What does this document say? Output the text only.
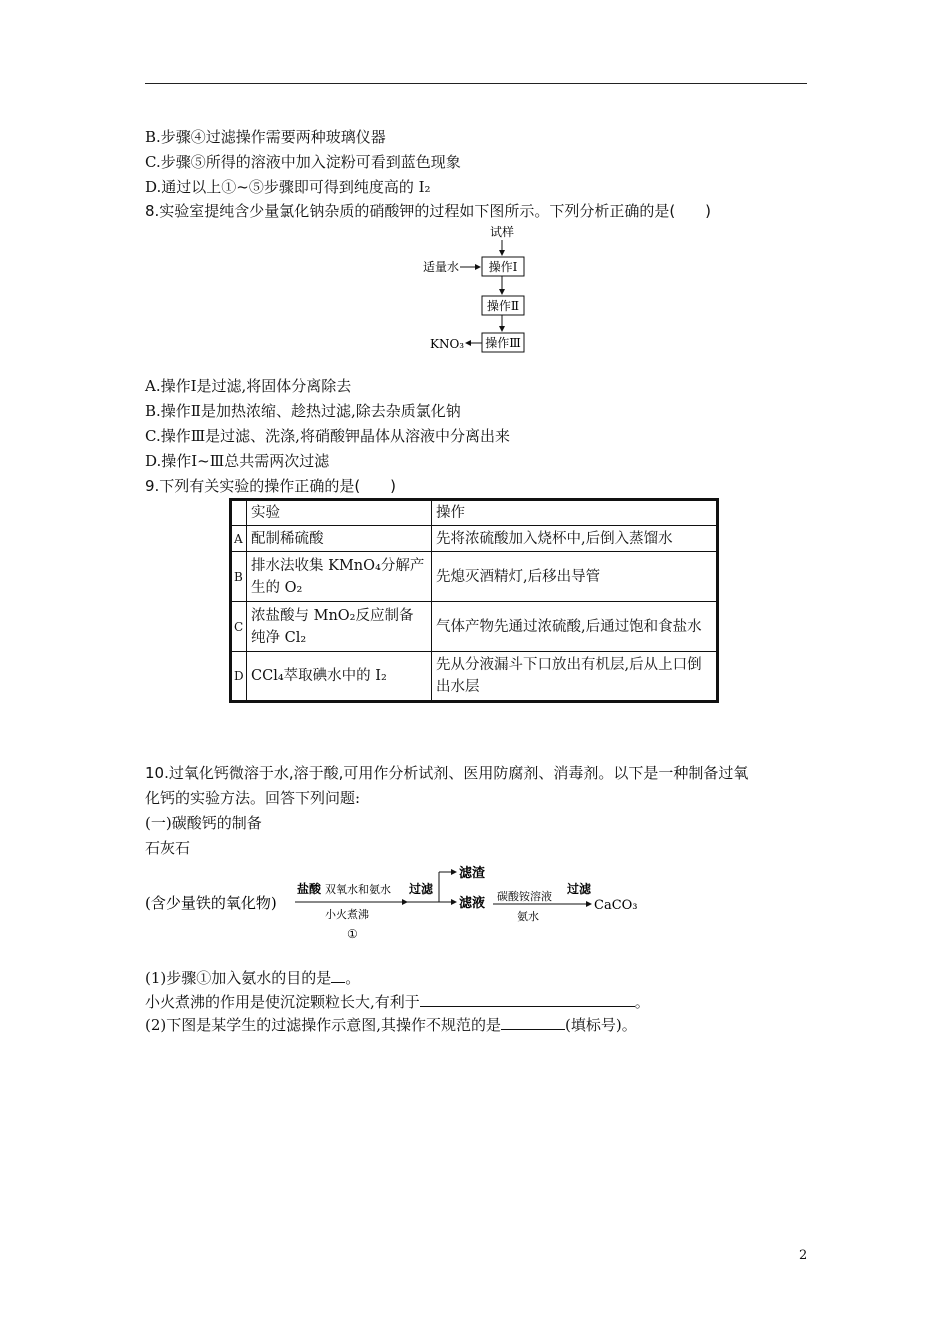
B.步骤④过滤操作需要两种玻璃仪器
C.步骤⑤所得的溶液中加入淀粉可看到蓝色现象
D.通过以上①~⑤步骤即可得到纯度高的 I₂
8.实验室提纯含少量氯化钠杂质的硝酸钾的过程如下图所示。下列分析正确的是(　　)
试样
适量水 操作Ⅰ
操作Ⅱ
操作Ⅲ
KNO₃
A.操作Ⅰ是过滤,将固体分离除去
B.操作Ⅱ是加热浓缩、趁热过滤,除去杂质氯化钠
C.操作Ⅲ是过滤、洗涤,将硝酸钾晶体从溶液中分离出来
D.操作Ⅰ~Ⅲ总共需两次过滤
9.下列有关实验的操作正确的是(　　)
	实验	操作
A	配制稀硫酸	先将浓硫酸加入烧杯中,后倒入蒸馏水
B	排水法收集 KMnO₄分解产生的 O₂	先熄灭酒精灯,后移出导管
C	浓盐酸与 MnO₂反应制备纯净 Cl₂	气体产物先通过浓硫酸,后通过饱和食盐水
D	CCl₄萃取碘水中的 I₂	先从分液漏斗下口放出有机层,后从上口倒出水层
10.过氧化钙微溶于水,溶于酸,可用作分析试剂、医用防腐剂、消毒剂。以下是一种制备过氧
化钙的实验方法。回答下列问题:
(一)碳酸钙的制备
石灰石
(含少量铁的氧化物)
盐酸 双氧水和氨水
小火煮沸
①
过滤
滤渣
滤液 碳酸铵溶液
氨水
过滤
CaCO₃
(1)步骤①加入氨水的目的是 。
小火煮沸的作用是使沉淀颗粒长大,有利于	。
(2)下图是某学生的过滤操作示意图,其操作不规范的是	(填标号)。
2
